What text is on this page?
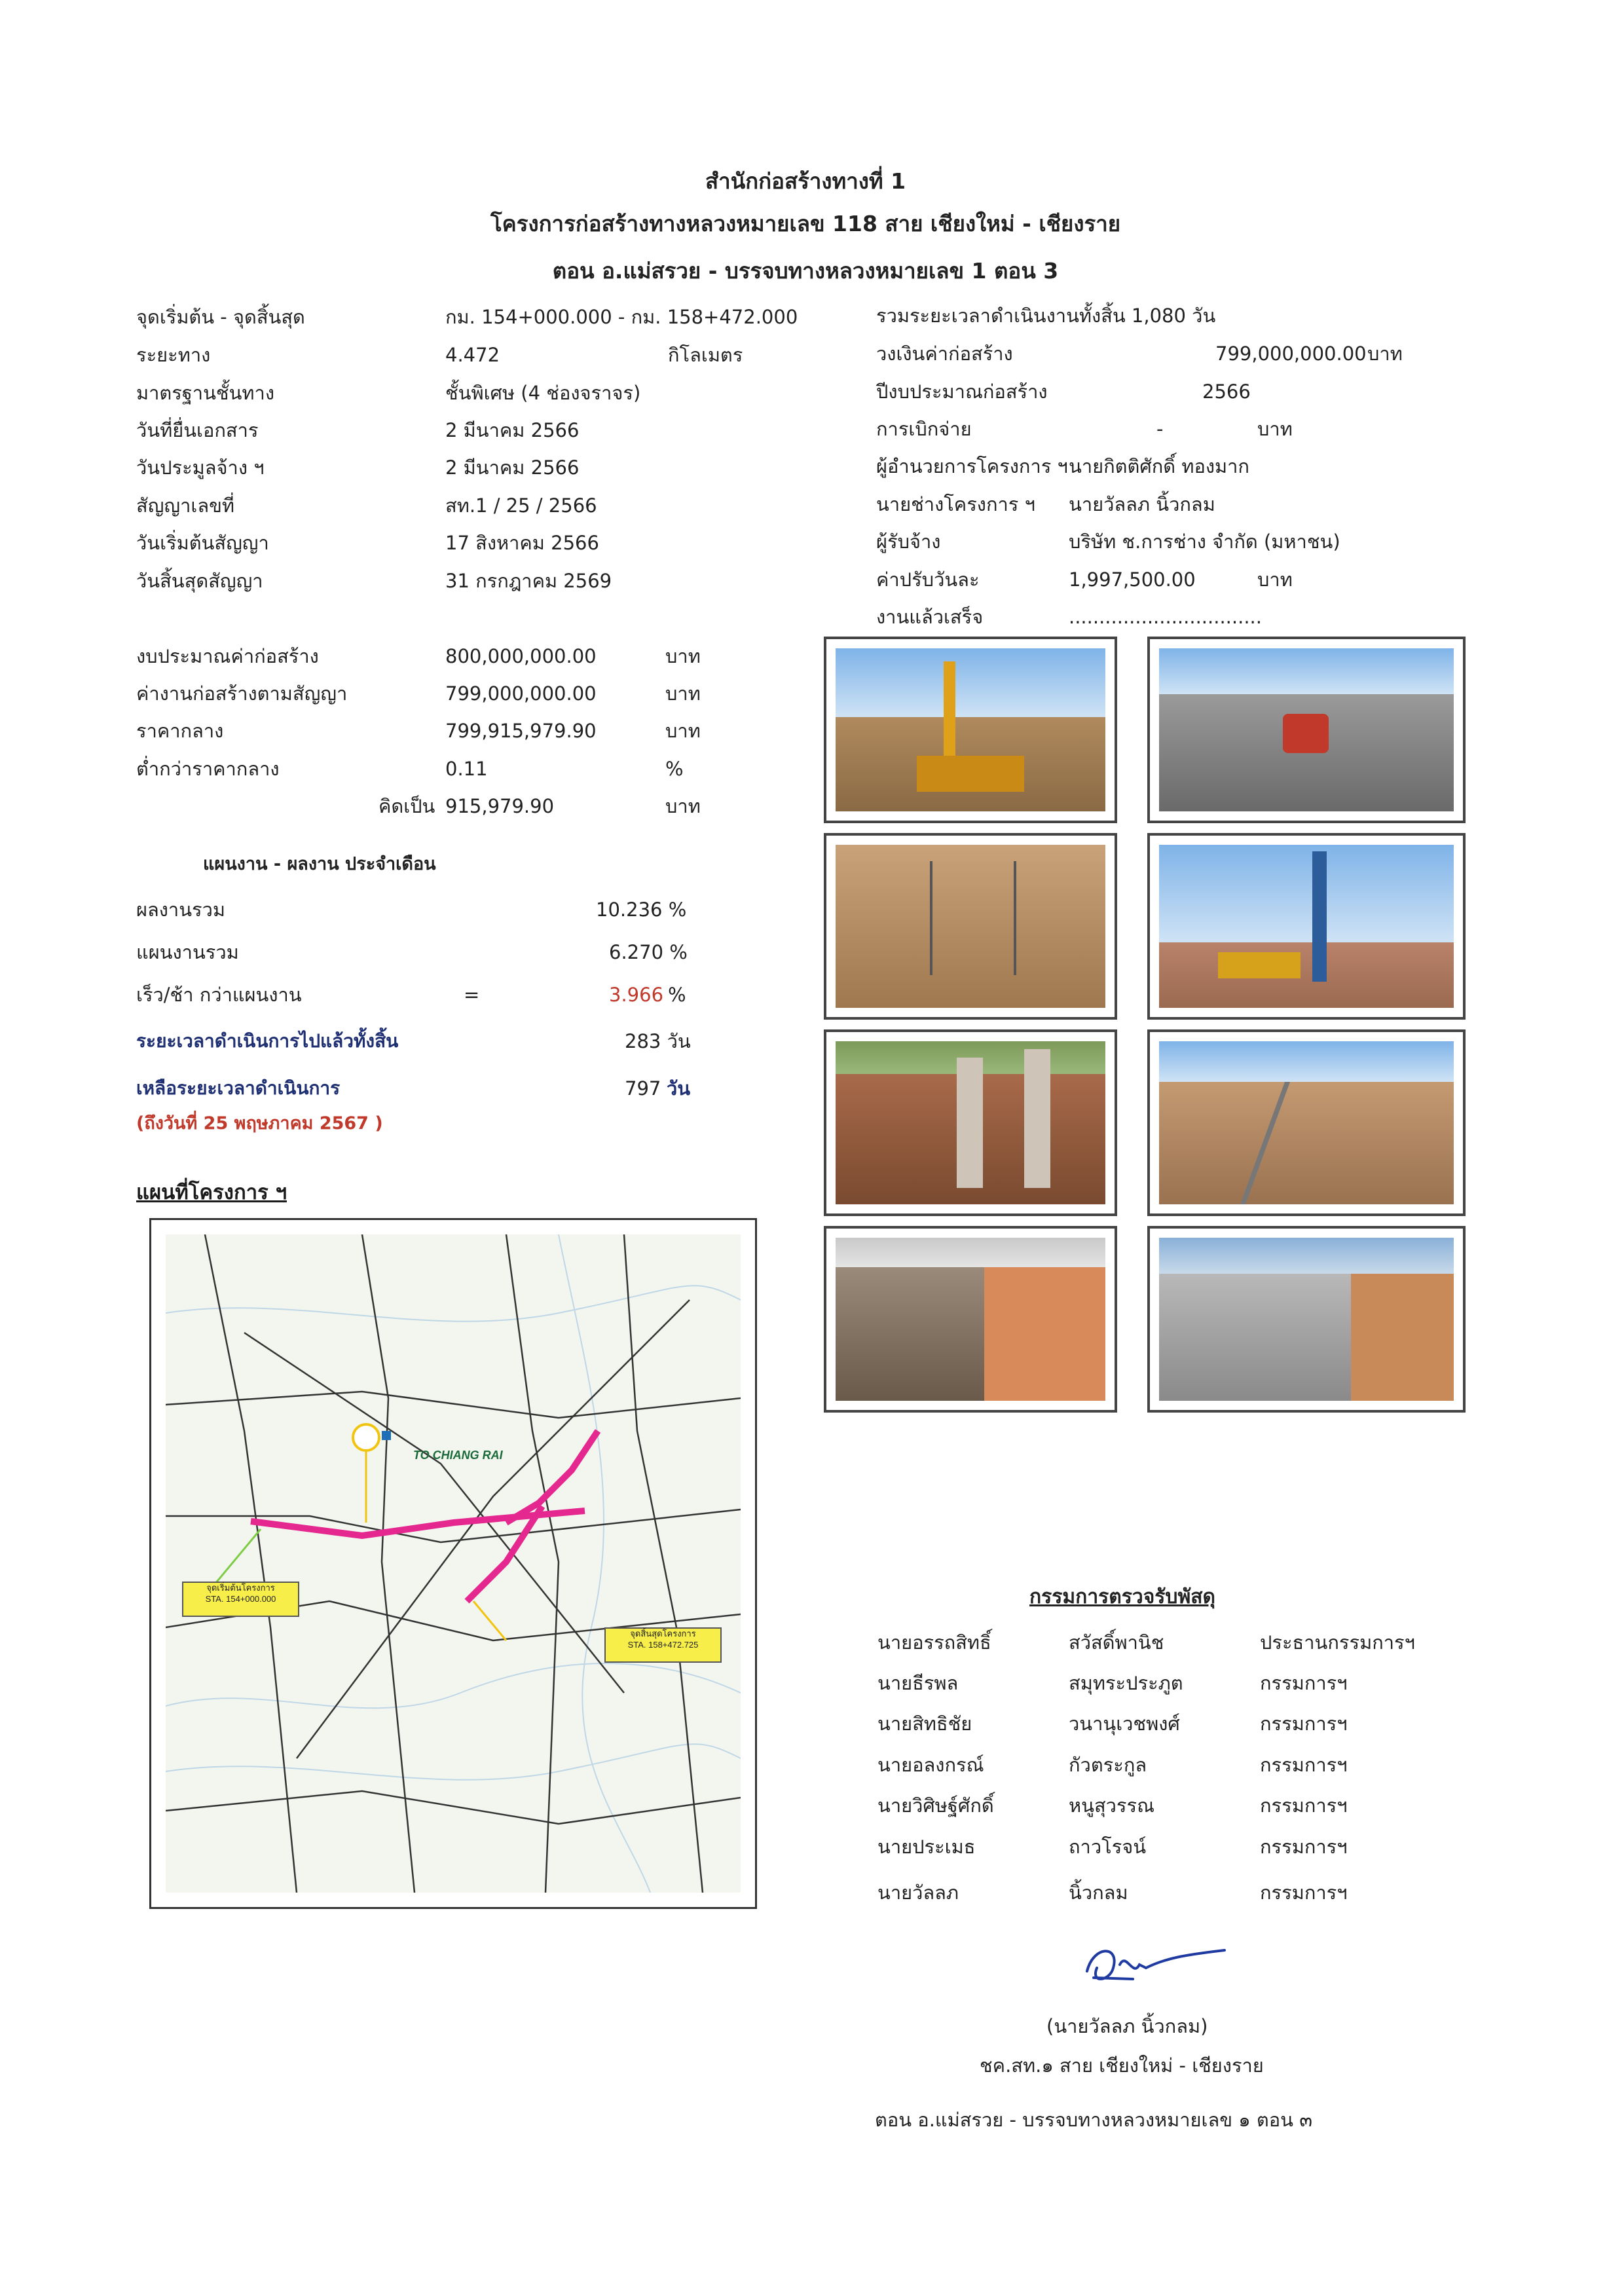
สำนักก่อสร้างทางที่ 1
โครงการก่อสร้างทางหลวงหมายเลข 118 สาย เชียงใหม่ - เชียงราย
ตอน อ.แม่สรวย - บรรจบทางหลวงหมายเลข 1 ตอน 3
จุดเริ่มต้น - จุดสิ้นสุด	กม. 154+000.000 - กม. 158+472.000
ระยะทาง	4.472	กิโลเมตร
มาตรฐานชั้นทาง	ชั้นพิเศษ (4 ช่องจราจร)
วันที่ยื่นเอกสาร	2 มีนาคม 2566
วันประมูลจ้าง ฯ	2 มีนาคม 2566
สัญญาเลขที่	สท.1 / 25 / 2566
วันเริ่มต้นสัญญา	17 สิงหาคม 2566
วันสิ้นสุดสัญญา	31 กรกฎาคม 2569
รวมระยะเวลาดำเนินงานทั้งสิ้น 1,080 วัน
วงเงินค่าก่อสร้าง	799,000,000.00 บาท
ปีงบประมาณก่อสร้าง	2566
การเบิกจ่าย	-	บาท
ผู้อำนวยการโครงการ ฯ นายกิตติศักดิ์ ทองมาก
นายช่างโครงการ ฯ นายวัลลภ นิ้วกลม
ผู้รับจ้าง	บริษัท ช.การช่าง จำกัด (มหาชน)
ค่าปรับวันละ	1,997,500.00	บาท
งานแล้วเสร็จ	................................
งบประมาณค่าก่อสร้าง	800,000,000.00	บาท
ค่างานก่อสร้างตามสัญญา	799,000,000.00	บาท
ราคากลาง	799,915,979.90	บาท
ต่ำกว่าราคากลาง	0.11	%
คิดเป็น 915,979.90	บาท
แผนงาน - ผลงาน ประจำเดือน
ผลงานรวม	10.236 %
แผนงานรวม	6.270 %
เร็ว/ช้า กว่าแผนงาน	=	3.966 %
ระยะเวลาดำเนินการไปแล้วทั้งสิ้น	283 วัน
เหลือระยะเวลาดำเนินการ	797 วัน
(ถึงวันที่ 25 พฤษภาคม 2567 )
แผนที่โครงการ ฯ
TO CHIANG RAI
จุดเริ่มต้นโครงการ
STA. 154+000.000
จุดสิ้นสุดโครงการ
STA. 158+472.725
กรรมการตรวจรับพัสดุ
นายอรรถสิทธิ์	สวัสดิ์พานิช	ประธานกรรมการฯ
นายธีรพล	สมุทระประภูต	กรรมการฯ
นายสิทธิชัย	วนานุเวชพงศ์	กรรมการฯ
นายอลงกรณ์	กัวตระกูล	กรรมการฯ
นายวิศิษฐ์ศักดิ์	หนูสุวรรณ	กรรมการฯ
นายประเมธ	ถาวโรจน์	กรรมการฯ
นายวัลลภ	นิ้วกลม	กรรมการฯ
(นายวัลลภ นิ้วกลม)
ชค.สท.๑ สาย เชียงใหม่ - เชียงราย
ตอน อ.แม่สรวย - บรรจบทางหลวงหมายเลข ๑ ตอน ๓
